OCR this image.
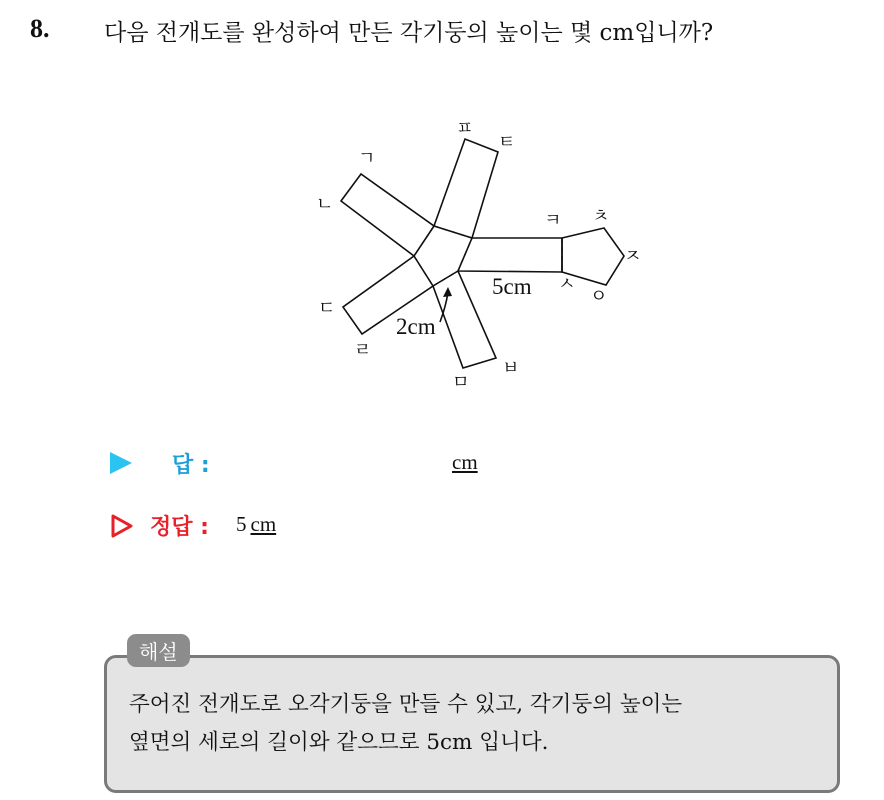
8. 다음 전개도를 완성하여 만든 각기둥의 높이는 몇 cm입니까?
ㄱ
ㄴ
ㄷ
ㄹ
ㅁ
ㅂ
ㅅ
ㅇ
ㅈ
ㅊ
ㅋ
ㅌ
ㅍ
5cm
2cm
답 :	cm
정답 : 5 cm
해설
주어진 전개도로 오각기둥을 만들 수 있고, 각기둥의 높이는
옆면의 세로의 길이와 같으므로 5cm 입니다.
